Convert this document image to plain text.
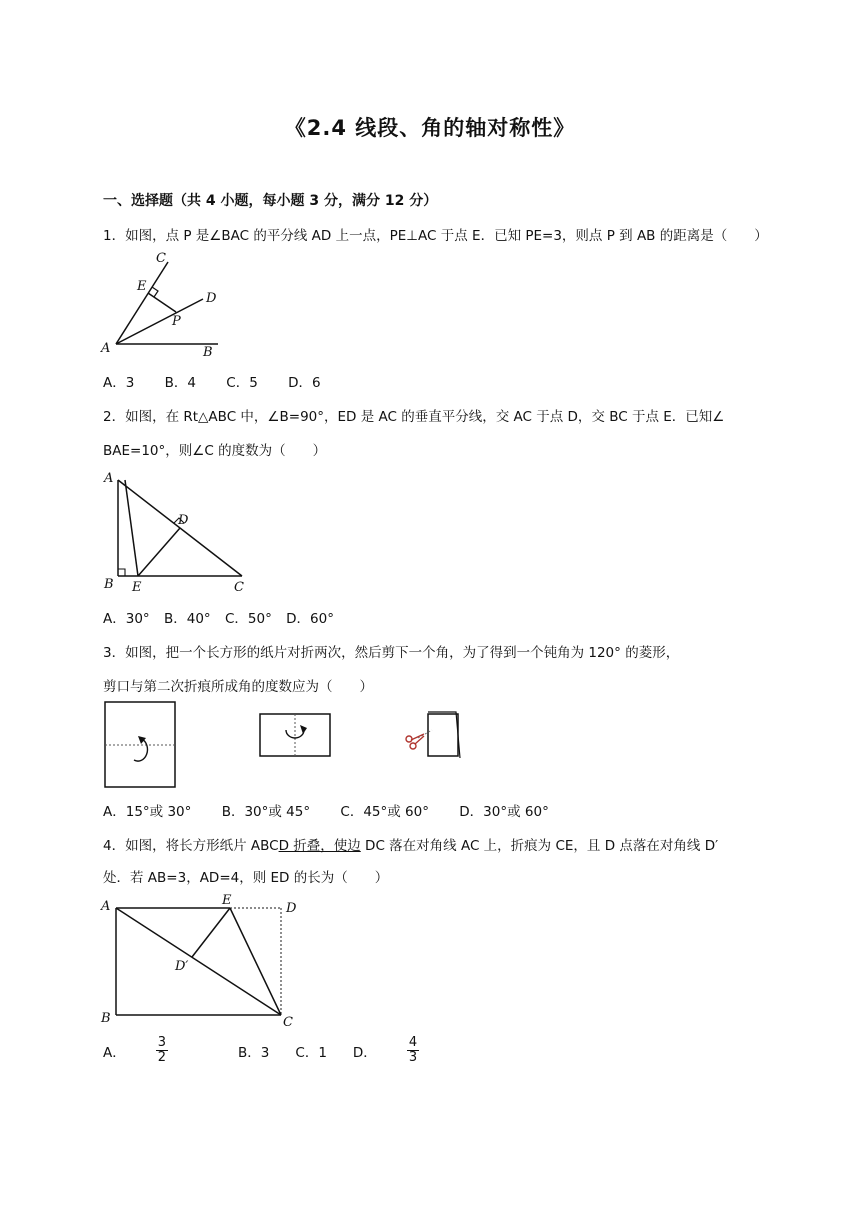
《2.4 线段、角的轴对称性》
一、选择题（共 4 小题，每小题 3 分，满分 12 分）
1．如图，点 P 是∠BAC 的平分线 AD 上一点，PE⊥AC 于点 E．已知 PE=3，则点 P 到 AB 的距离是（　　）
A	B
C
D
E
P
A．3 B．4 C．5 D．6
2．如图，在 Rt△ABC 中，∠B=90°，ED 是 AC 的垂直平分线，交 AC 于点 D，交 BC 于点 E．已知∠
BAE=10°，则∠C 的度数为（　　）
A
B E	C
D
A．30° B．40° C．50° D．60°
3．如图，把一个长方形的纸片对折两次，然后剪下一个角，为了得到一个钝角为 120° 的菱形，
剪口与第二次折痕所成角的度数应为（　　）
A．15°或 30° B．30°或 45° C．45°或 60° D．30°或 60°
4．如图，将长方形纸片 ABCD 折叠，使边 DC 落在对角线 AC 上，折痕为 CE，且 D 点落在对角线 D′
处．若 AB=3，AD=4，则 ED 的长为（　　）
A	E
D
D′
B	C
A． $\frac{3}{2}$	B．3 C．1 D． $\frac{4}{3}$
